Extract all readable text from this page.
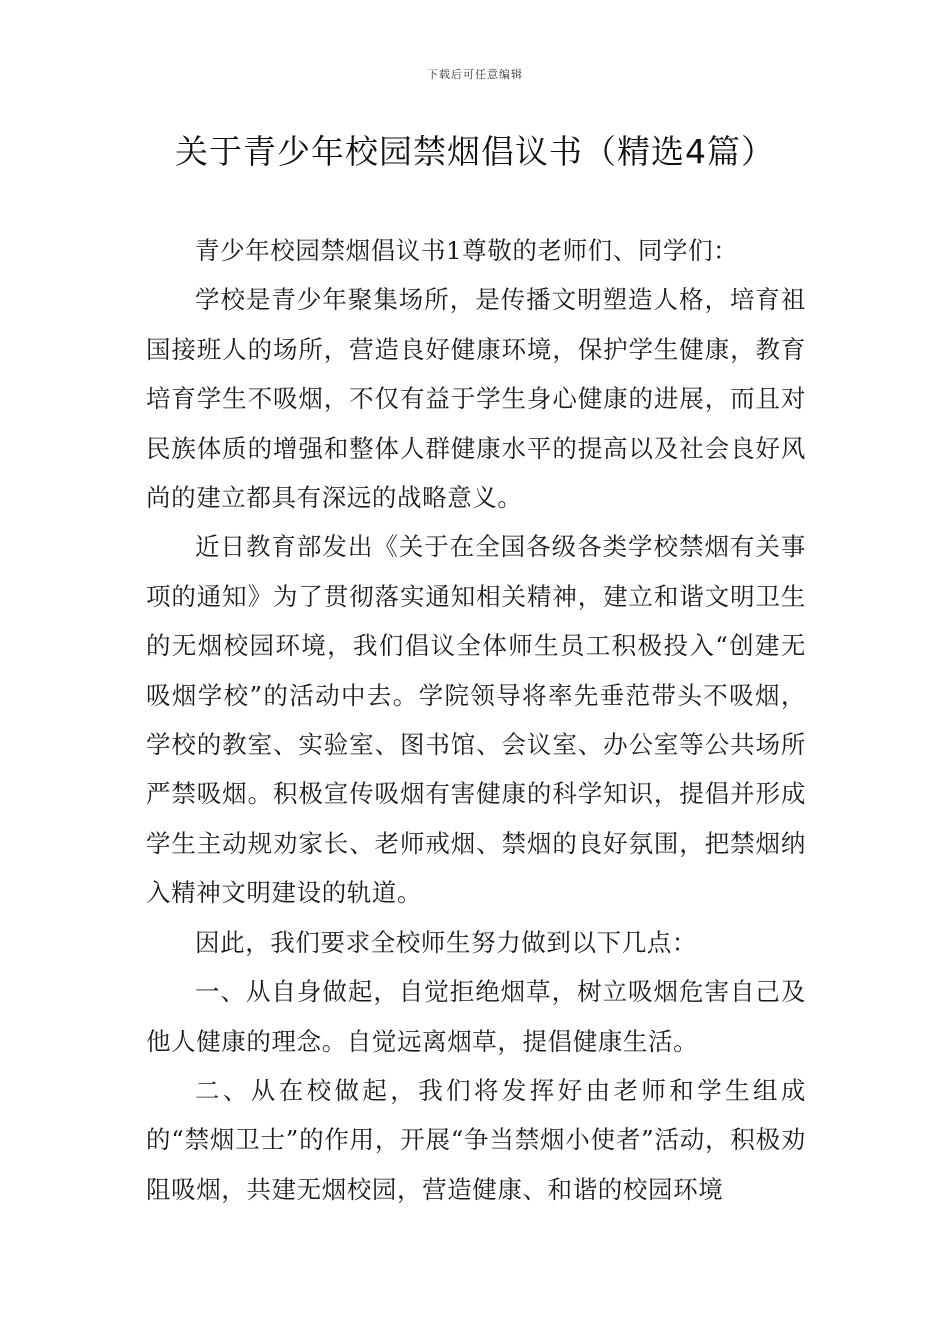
下载后可任意编辑
关于青少年校园禁烟倡议书（精选4篇）

青少年校园禁烟倡议书1尊敬的老师们、同学们：

学校是青少年聚集场所，是传播文明塑造人格，培育祖国接班人的场所，营造良好健康环境，保护学生健康，教育培育学生不吸烟，不仅有益于学生身心健康的进展，而且对民族体质的增强和整体人群健康水平的提高以及社会良好风尚的建立都具有深远的战略意义。

近日教育部发出《关于在全国各级各类学校禁烟有关事项的通知》为了贯彻落实通知相关精神，建立和谐文明卫生的无烟校园环境，我们倡议全体师生员工积极投入“创建无吸烟学校”的活动中去。学院领导将率先垂范带头不吸烟，学校的教室、实验室、图书馆、会议室、办公室等公共场所严禁吸烟。积极宣传吸烟有害健康的科学知识，提倡并形成学生主动规劝家长、老师戒烟、禁烟的良好氛围，把禁烟纳入精神文明建设的轨道。

因此，我们要求全校师生努力做到以下几点：

一、从自身做起，自觉拒绝烟草，树立吸烟危害自己及他人健康的理念。自觉远离烟草，提倡健康生活。

二、从在校做起，我们将发挥好由老师和学生组成的“禁烟卫士”的作用，开展“争当禁烟小使者”活动，积极劝阻吸烟，共建无烟校园，营造健康、和谐的校园环境
